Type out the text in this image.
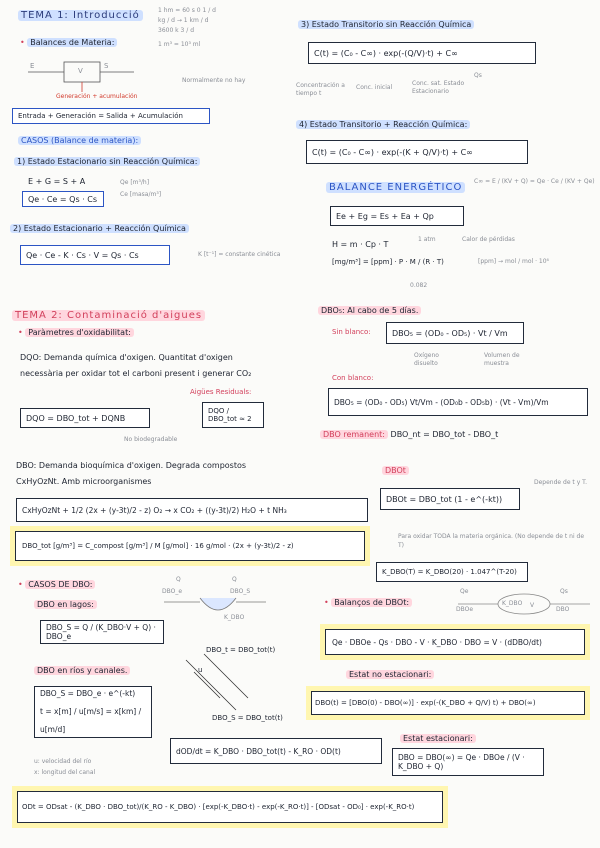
TEMA 1: Introducció	1 hm = 60 s 0 1 / d
kg / d → 1 km / d
3600 k 3 / d
1 m³ = 10³ ml
• Balances de Materia:
E
V
S
Generación + acumulación
Normalmente no hay
Entrada + Generación = Salida + Acumulación
CASOS (Balance de materia):
1) Estado Estacionario sin Reacción Química:
E + G = S + A
Qe · Ce = Qs · Cs
Qe [m³/h]
Ce [masa/m³]
2) Estado Estacionario + Reacción Química
Qe · Ce - K · Cs · V = Qs · Cs	K [t⁻¹] = constante cinética
3) Estado Transitorio sin Reacción Química
C(t) = (C₀ - C∞) · exp(-(Q/V)·t) + C∞
Concentración a tiempo t
Conc. inicial
Conc. sat. Estado Estacionario
Qs
4) Estado Transitorio + Reacción Química:
C(t) = (C₀ - C∞) · exp(-(K + Q/V)·t) + C∞
C∞ = E / (KV + Q) = Qe · Ce / (KV + Qe)
BALANCE ENERGÉTICO
Ee + Eg = Es + Ea + Qp
Calor de pérdidas
H = m · Cp · T
1 atm
[mg/m³] = [ppm] · P · M / (R · T)	[ppm] → mol / mol · 10⁶
0.082
TEMA 2: Contaminació d'aigues
• Paràmetres d'oxidabilitat:
DQO: Demanda química d'oxigen. Quantitat d'oxigen necessària per oxidar tot el carboni present i generar CO₂
DQO = DBO_tot + DQNB
No biodegradable
Aigües Residuals:
DQO / DBO_tot ≈ 2
DBO: Demanda bioquímica d'oxigen. Degrada compostos CxHyOzNt. Amb microorganismes
CxHyOzNt + 1/2 (2x + (y-3t)/2 - z) O₂ → x CO₂ + ((y-3t)/2) H₂O + t NH₃
DBO_tot [g/m³] = C_compost [g/m³] / M [g/mol] · 16 g/mol · (2x + (y-3t)/2 - z)
DBO₅: Al cabo de 5 días.
Sin blanco:	DBO₅ = (OD₀ - OD₅) · Vt / Vm
Oxígeno disuelto
Volumen de muestra
Con blanco:
DBO₅ = (OD₀ - OD₅) Vt/Vm - (OD₀b - OD₅b) · (Vt - Vm)/Vm
DBO remanent: DBO_nt = DBO_tot - DBO_t
DBOt
DBOt = DBO_tot (1 - e^(-kt))
Depende de t y T.
Para oxidar TODA la materia orgánica. (No depende de t ni de T)
K_DBO(T) = K_DBO(20) · 1.047^(T-20)
• CASOS DE DBO:
DBO en lagos:
DBO_S = Q / (K_DBO·V + Q) · DBO_e
Q
DBO_e
Q
DBO_S
K_DBO
DBO en ríos y canales.
DBO_S = DBO_e · e^(-kt)
t = x[m] / u[m/s] = x[km] / u[m/d]
u: velocidad del río
x: longitud del canal
u
DBO_t = DBO_tot(t)
DBO_S = DBO_tot(t)
dOD/dt = K_DBO · DBO_tot(t) - K_RO · OD(t)
• Balanços de DBOt:
Qe
DBOe
K_DBO V
Qs
DBO
Qe · DBOe - Qs · DBO - V · K_DBO · DBO = V · (dDBO/dt)
Estat no estacionari:
DBO(t) = [DBO(0) - DBO(∞)] · exp(-(K_DBO + Q/V) t) + DBO(∞)
Estat estacionari:
DBO = DBO(∞) = Qe · DBOe / (V · K_DBO + Q)
ODt = ODsat - (K_DBO · DBO_tot)/(K_RO - K_DBO) · [exp(-K_DBO·t) - exp(-K_RO·t)] - [ODsat - OD₀] · exp(-K_RO·t)
